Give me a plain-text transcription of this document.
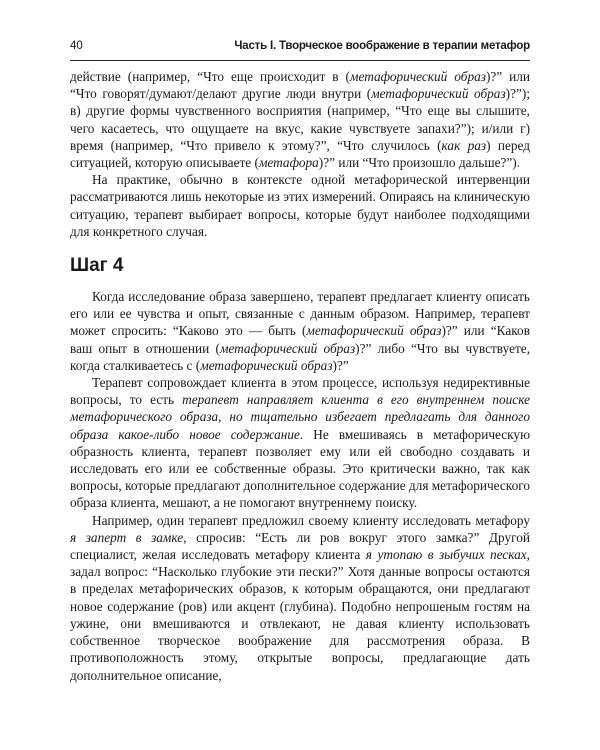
40	Часть I. Творческое воображение в терапии метафор

действие (например, “Что еще происходит в (метафорический образ)?” или “Что говорят/думают/делают другие люди внутри (метафорический образ)?”); в) другие формы чувственного восприятия (например, “Что еще вы слышите, чего касаетесь, что ощущаете на вкус, какие чувствуете запахи?”); и/или г) время (например, “Что привело к этому?”, “Что случилось (как раз) перед ситуацией, которую описываете (метафора)?” или “Что произошло дальше?”).

На практике, обычно в контексте одной метафорической интервенции рассматриваются лишь некоторые из этих измерений. Опираясь на клиническую ситуацию, терапевт выбирает вопросы, которые будут наиболее подходящими для конкретного случая.

Шаг 4

Когда исследование образа завершено, терапевт предлагает клиенту описать его или ее чувства и опыт, связанные с данным образом. Например, терапевт может спросить: “Каково это — быть (метафорический образ)?” или “Каков ваш опыт в отношении (метафорический образ)?” либо “Что вы чувствуете, когда сталкиваетесь с (метафорический образ)?”

Терапевт сопровождает клиента в этом процессе, используя недирективные вопросы, то есть терапевт направляет клиента в его внутреннем поиске метафорического образа, но тщательно избегает предлагать для данного образа какое-либо новое содержание. Не вмешиваясь в метафорическую образность клиента, терапевт позволяет ему или ей свободно создавать и исследовать его или ее собственные образы. Это критически важно, так как вопросы, которые предлагают дополнительное содержание для метафорического образа клиента, мешают, а не помогают внутреннему поиску.

Например, один терапевт предложил своему клиенту исследовать метафору я заперт в замке, спросив: “Есть ли ров вокруг этого замка?” Другой специалист, желая исследовать метафору клиента я утопаю в зыбучих песках, задал вопрос: “Насколько глубокие эти пески?” Хотя данные вопросы остаются в пределах метафорических образов, к которым обращаются, они предлагают новое содержание (ров) или акцент (глубина). Подобно непрошеным гостям на ужине, они вмешиваются и отвлекают, не давая клиенту использовать собственное творческое воображение для рассмотрения образа. В противоположность этому, открытые вопросы, предлагающие дать дополнительное описание,
